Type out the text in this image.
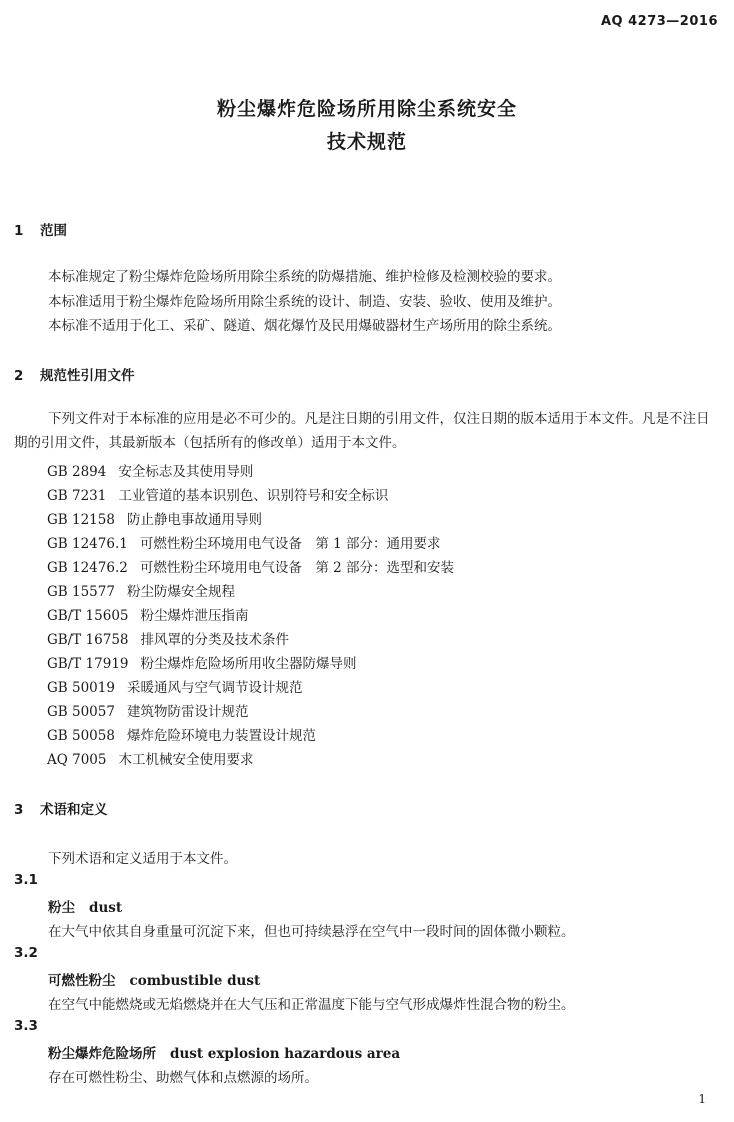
AQ 4273—2016
粉尘爆炸危险场所用除尘系统安全
技术规范
1 范围
本标准规定了粉尘爆炸危险场所用除尘系统的防爆措施、维护检修及检测校验的要求。
本标准适用于粉尘爆炸危险场所用除尘系统的设计、制造、安装、验收、使用及维护。
本标准不适用于化工、采矿、隧道、烟花爆竹及民用爆破器材生产场所用的除尘系统。
2 规范性引用文件
下列文件对于本标准的应用是必不可少的。凡是注日期的引用文件，仅注日期的版本适用于本文件。凡是不注日期的引用文件，其最新版本（包括所有的修改单）适用于本文件。
GB 2894 安全标志及其使用导则
GB 7231 工业管道的基本识别色、识别符号和安全标识
GB 12158 防止静电事故通用导则
GB 12476.1 可燃性粉尘环境用电气设备　第 1 部分：通用要求
GB 12476.2 可燃性粉尘环境用电气设备　第 2 部分：选型和安装
GB 15577 粉尘防爆安全规程
GB/T 15605 粉尘爆炸泄压指南
GB/T 16758 排风罩的分类及技术条件
GB/T 17919 粉尘爆炸危险场所用收尘器防爆导则
GB 50019 采暖通风与空气调节设计规范
GB 50057 建筑物防雷设计规范
GB 50058 爆炸危险环境电力装置设计规范
AQ 7005 木工机械安全使用要求
3 术语和定义
下列术语和定义适用于本文件。
3.1
粉尘 dust
在大气中依其自身重量可沉淀下来，但也可持续悬浮在空气中一段时间的固体微小颗粒。
3.2
可燃性粉尘 combustible dust
在空气中能燃烧或无焰燃烧并在大气压和正常温度下能与空气形成爆炸性混合物的粉尘。
3.3
粉尘爆炸危险场所 dust explosion hazardous area
存在可燃性粉尘、助燃气体和点燃源的场所。
1
